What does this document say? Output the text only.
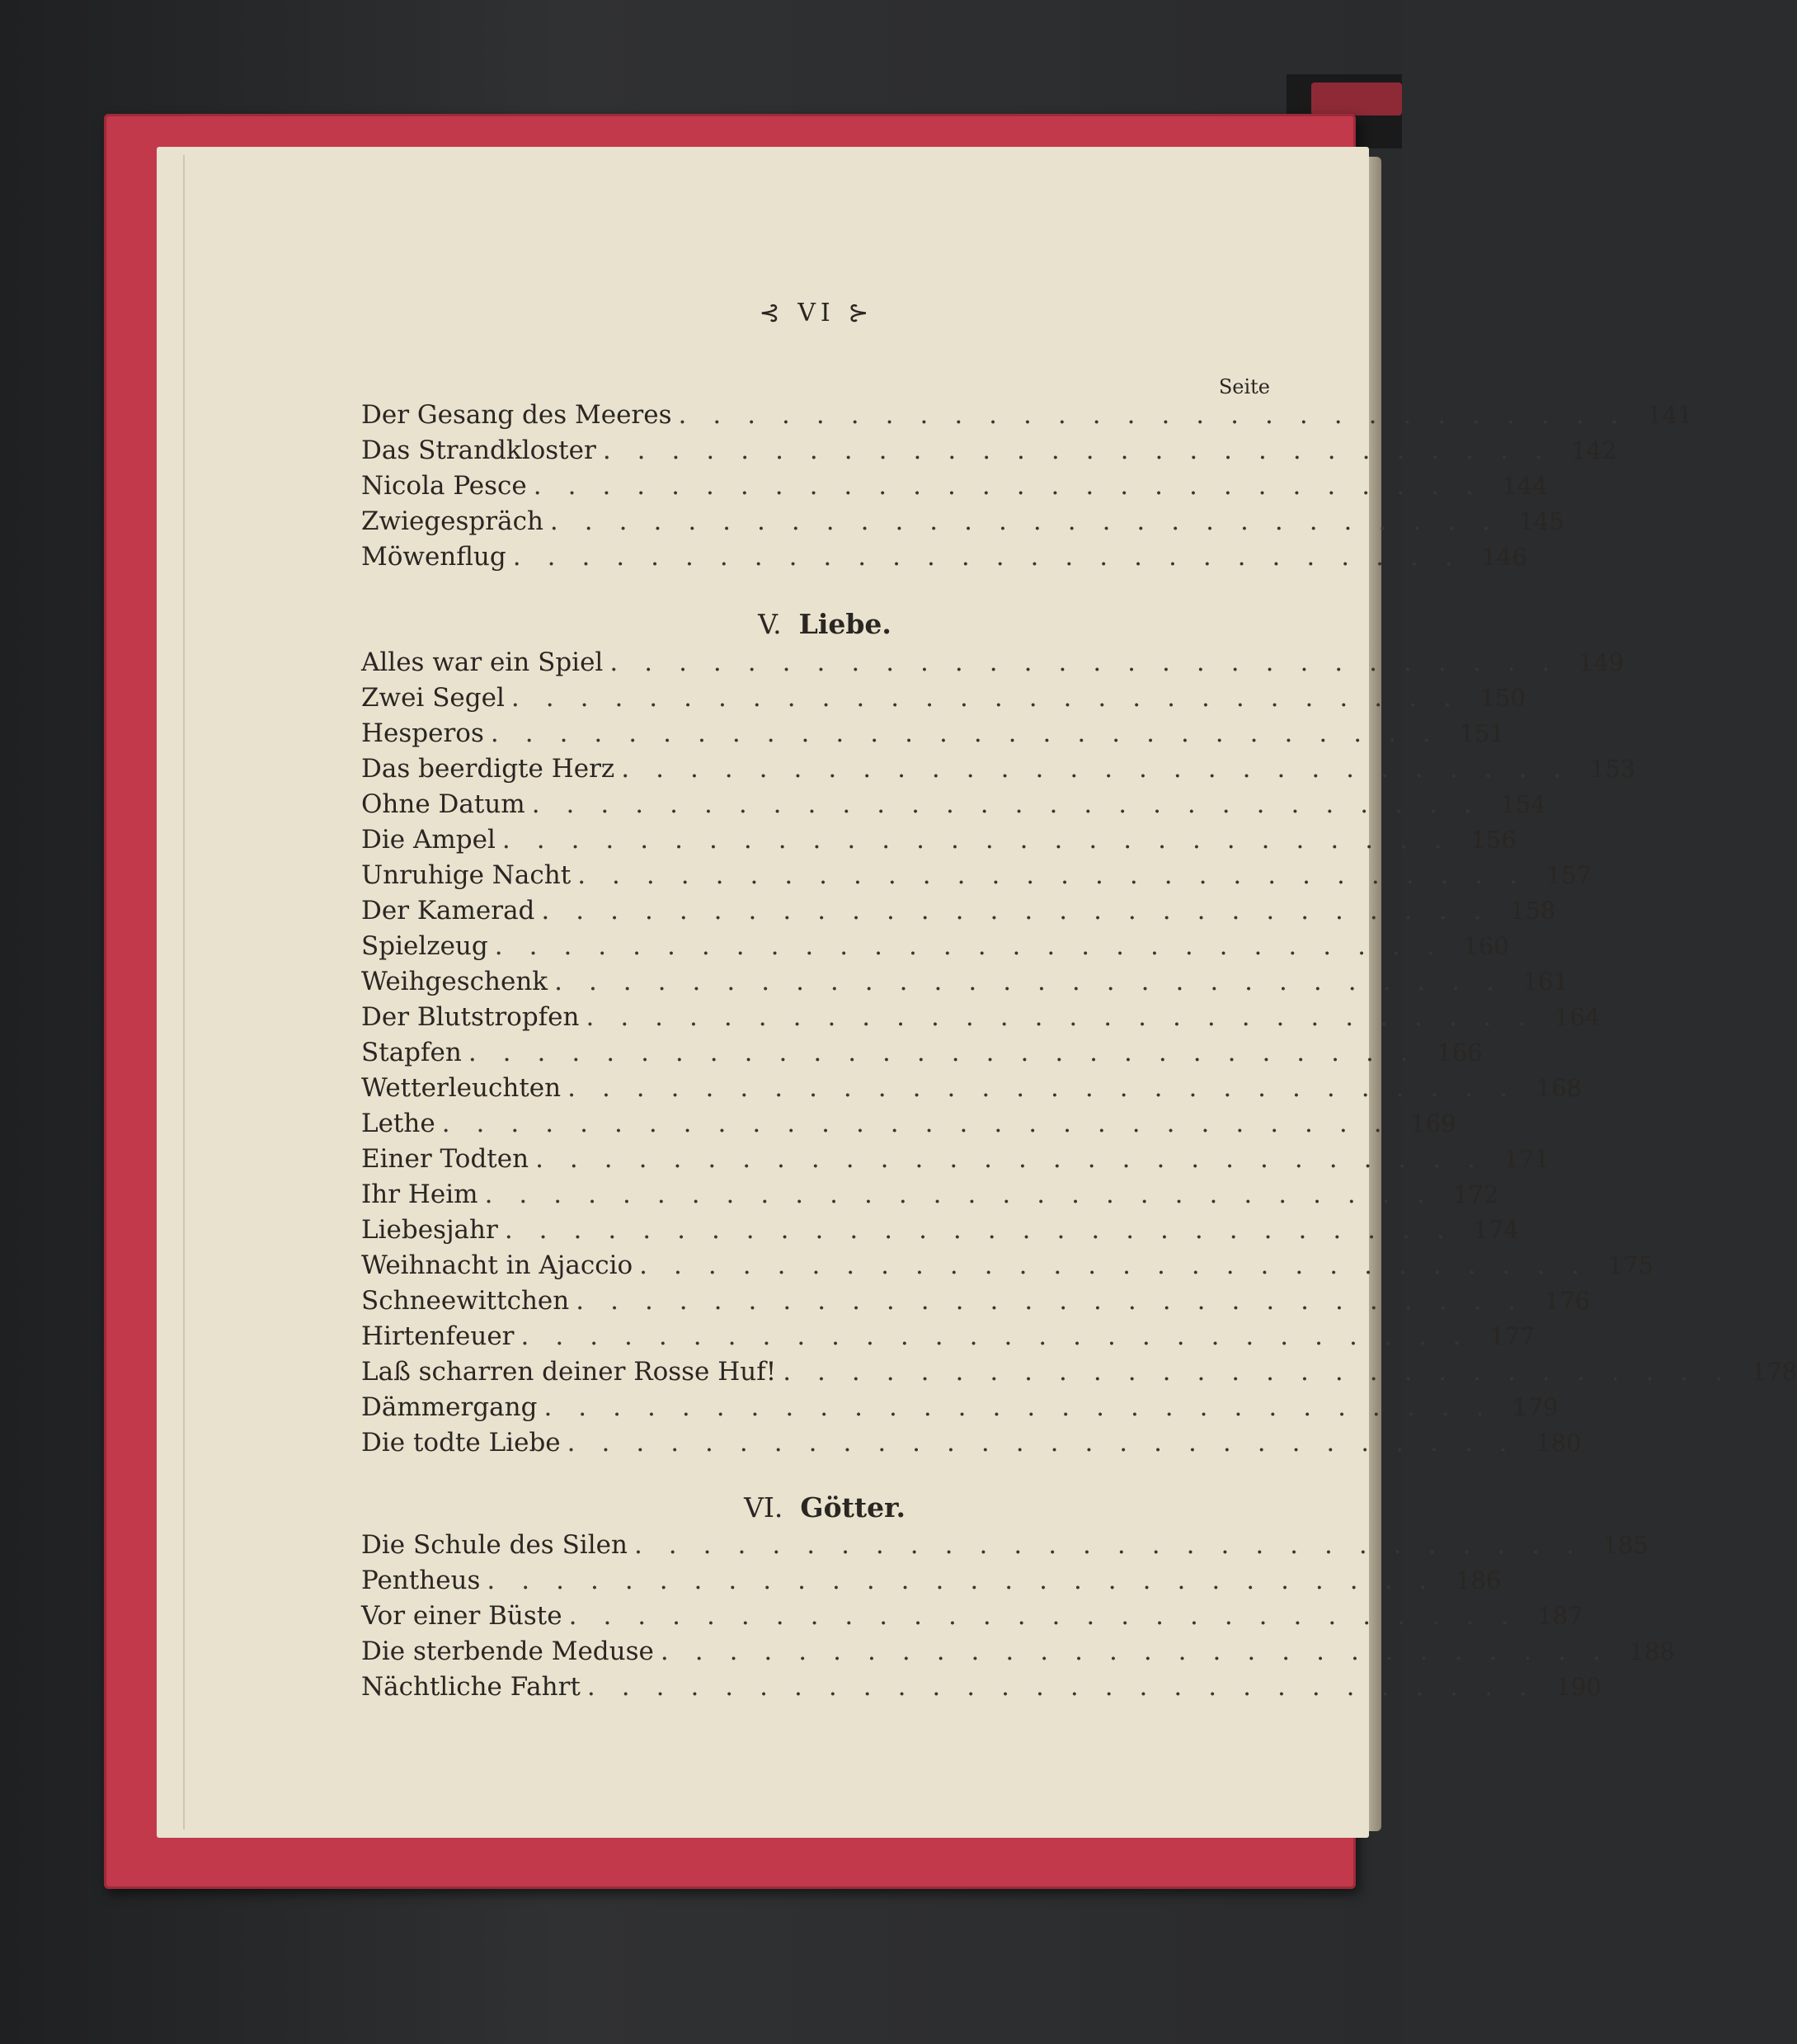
⊰ VI ⊱
Seite
Der Gesang des Meeres ............................ 141
Das Strandkloster ............................ 142
Nicola Pesce ............................ 144
Zwiegespräch ............................ 145
Möwenflug ............................ 146
V. Liebe.
Alles war ein Spiel ............................ 149
Zwei Segel ............................ 150
Hesperos ............................ 151
Das beerdigte Herz ............................ 153
Ohne Datum ............................ 154
Die Ampel ............................ 156
Unruhige Nacht ............................ 157
Der Kamerad ............................ 158
Spielzeug ............................ 160
Weihgeschenk ............................ 161
Der Blutstropfen ............................ 164
Stapfen ............................ 166
Wetterleuchten ............................ 168
Lethe ............................ 169
Einer Todten ............................ 171
Ihr Heim ............................ 172
Liebesjahr ............................ 174
Weihnacht in Ajaccio ............................ 175
Schneewittchen ............................ 176
Hirtenfeuer ............................ 177
Laß scharren deiner Rosse Huf! ............................ 178
Dämmergang ............................ 179
Die todte Liebe ............................ 180
VI. Götter.
Die Schule des Silen ............................ 185
Pentheus ............................ 186
Vor einer Büste ............................ 187
Die sterbende Meduse ............................ 188
Nächtliche Fahrt ............................ 190
